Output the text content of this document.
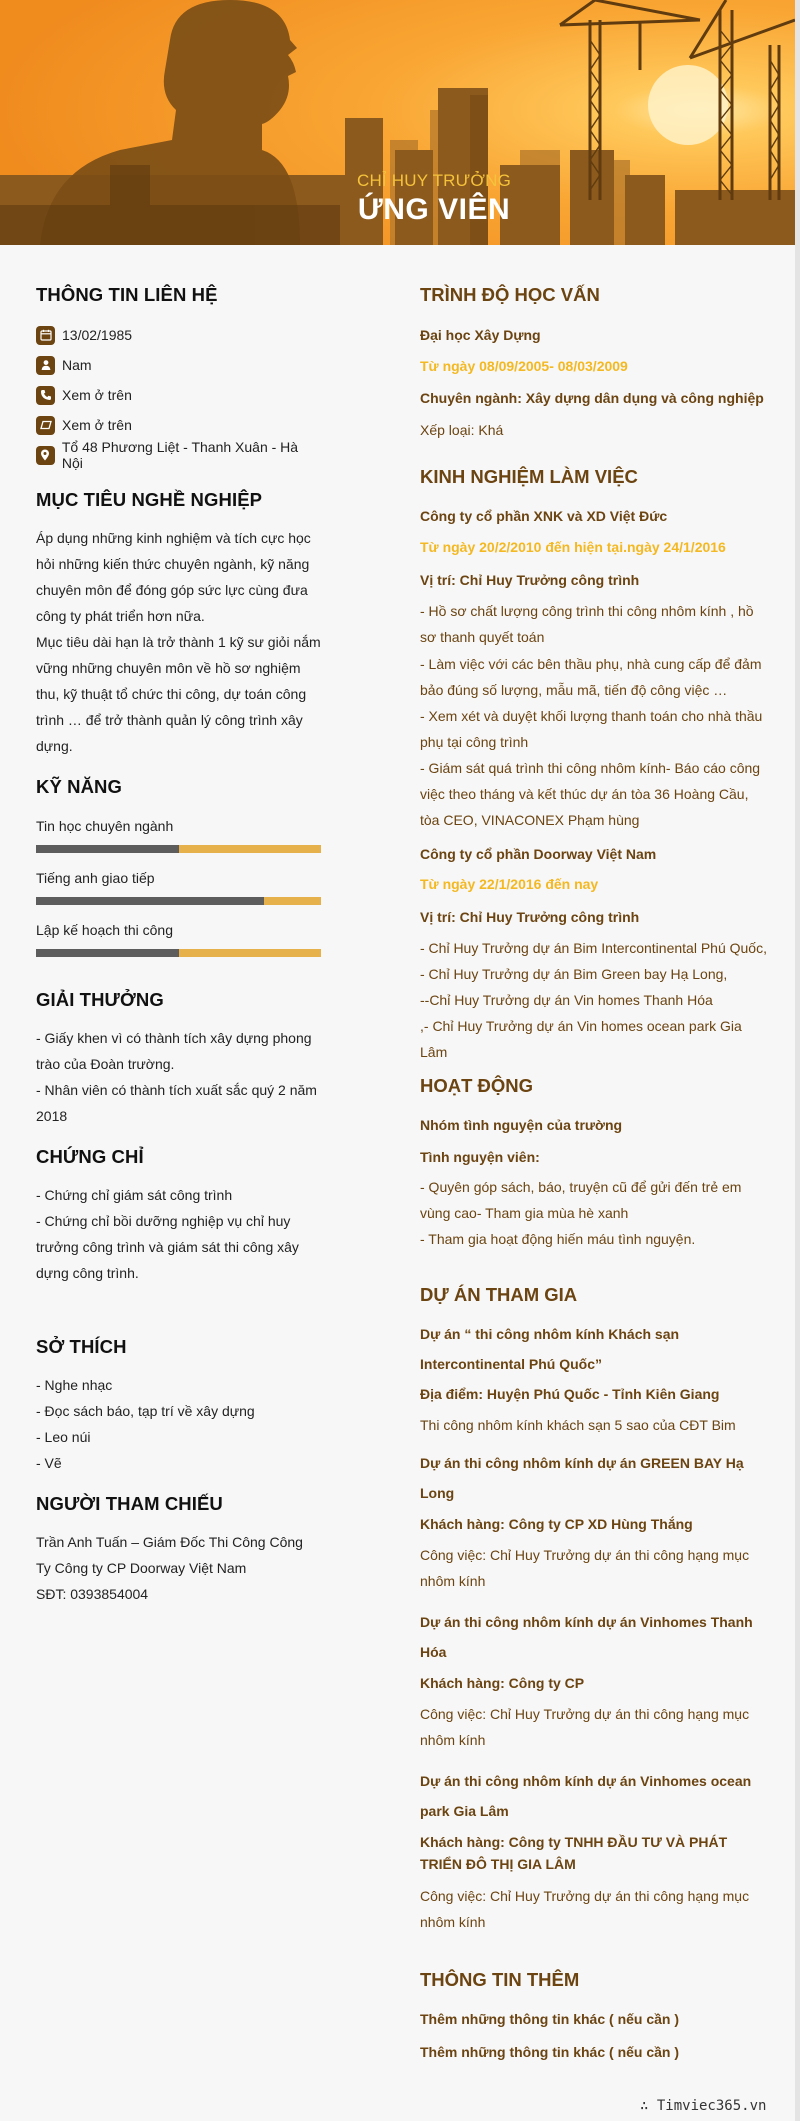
CHỈ HUY TRƯỞNG
ỨNG VIÊN
THÔNG TIN LIÊN HỆ
13/02/1985
Nam
Xem ở trên
Xem ở trên
Tổ 48 Phương Liệt - Thanh Xuân - Hà Nội
MỤC TIÊU NGHỀ NGHIỆP

Áp dụng những kinh nghiệm và tích cực học hỏi những kiến thức chuyên ngành, kỹ năng chuyên môn để đóng góp sức lực cùng đưa công ty phát triển hơn nữa.

Mục tiêu dài hạn là trở thành 1 kỹ sư giỏi nắm vững những chuyên môn về hồ sơ nghiệm thu, kỹ thuật tổ chức thi công, dự toán công trình … để trở thành quản lý công trình xây dựng.

KỸ NĂNG
Tin học chuyên ngành
Tiếng anh giao tiếp
Lập kế hoạch thi công
GIẢI THƯỞNG

- Giấy khen vì có thành tích xây dựng phong trào của Đoàn trường.

- Nhân viên có thành tích xuất sắc quý 2 năm 2018

CHỨNG CHỈ

- Chứng chỉ giám sát công trình

- Chứng chỉ bồi dưỡng nghiệp vụ chỉ huy trưởng công trình và giám sát thi công xây dựng công trình.

SỞ THÍCH

- Nghe nhạc

- Đọc sách báo, tạp trí về xây dựng

- Leo núi

- Vẽ

NGƯỜI THAM CHIẾU

Trần Anh Tuấn – Giám Đốc Thi Công Công Ty Công ty CP Doorway Việt Nam

SĐT: 0393854004

TRÌNH ĐỘ HỌC VẤN
Đại học Xây Dựng
Từ ngày 08/09/2005- 08/03/2009
Chuyên ngành: Xây dựng dân dụng và công nghiệp
Xếp loại: Khá
KINH NGHIỆM LÀM VIỆC
Công ty cổ phần XNK và XD Việt Đức
Từ ngày 20/2/2010 đến hiện tại.ngày 24/1/2016
Vị trí: Chỉ Huy Trưởng công trình
- Hồ sơ chất lượng công trình thi công nhôm kính , hồ sơ thanh quyết toán
- Làm việc với các bên thầu phụ, nhà cung cấp để đảm bảo đúng số lượng, mẫu mã, tiến độ công việc …
- Xem xét và duyệt khối lượng thanh toán cho nhà thầu phụ tại công trình
- Giám sát quá trình thi công nhôm kính- Báo cáo công việc theo tháng và kết thúc dự án tòa 36 Hoàng Cầu, tòa CEO, VINACONEX Phạm hùng
Công ty cổ phần Doorway Việt Nam
Từ ngày 22/1/2016 đến nay
Vị trí: Chỉ Huy Trưởng công trình
- Chỉ Huy Trưởng dự án Bim Intercontinental Phú Quốc,
- Chỉ Huy Trưởng dự án Bim Green bay Hạ Long,
--Chỉ Huy Trưởng dự án Vin homes Thanh Hóa
,- Chỉ Huy Trưởng dự án Vin homes ocean park Gia Lâm
HOẠT ĐỘNG
Nhóm tình nguyện của trường
Tình nguyện viên:
- Quyên góp sách, báo, truyện cũ để gửi đến trẻ em vùng cao- Tham gia mùa hè xanh
- Tham gia hoạt động hiến máu tình nguyện.
DỰ ÁN THAM GIA
Dự án “ thi công nhôm kính Khách sạn Intercontinental Phú Quốc”
Địa điểm: Huyện Phú Quốc - Tỉnh Kiên Giang
Thi công nhôm kính khách sạn 5 sao của CĐT Bim
Dự án thi công nhôm kính dự án GREEN BAY Hạ Long
Khách hàng: Công ty CP XD Hùng Thắng
Công việc: Chỉ Huy Trưởng dự án thi công hạng mục nhôm kính
Dự án thi công nhôm kính dự án Vinhomes Thanh Hóa
Khách hàng: Công ty CP
Công việc: Chỉ Huy Trưởng dự án thi công hạng mục nhôm kính
Dự án thi công nhôm kính dự án Vinhomes ocean park Gia Lâm
Khách hàng: Công ty TNHH ĐẦU TƯ VÀ PHÁT TRIỂN ĐÔ THỊ GIA LÂM
Công việc: Chỉ Huy Trưởng dự án thi công hạng mục nhôm kính
THÔNG TIN THÊM
Thêm những thông tin khác ( nếu cần )
Thêm những thông tin khác ( nếu cần )
∴ Timviec365.vn
